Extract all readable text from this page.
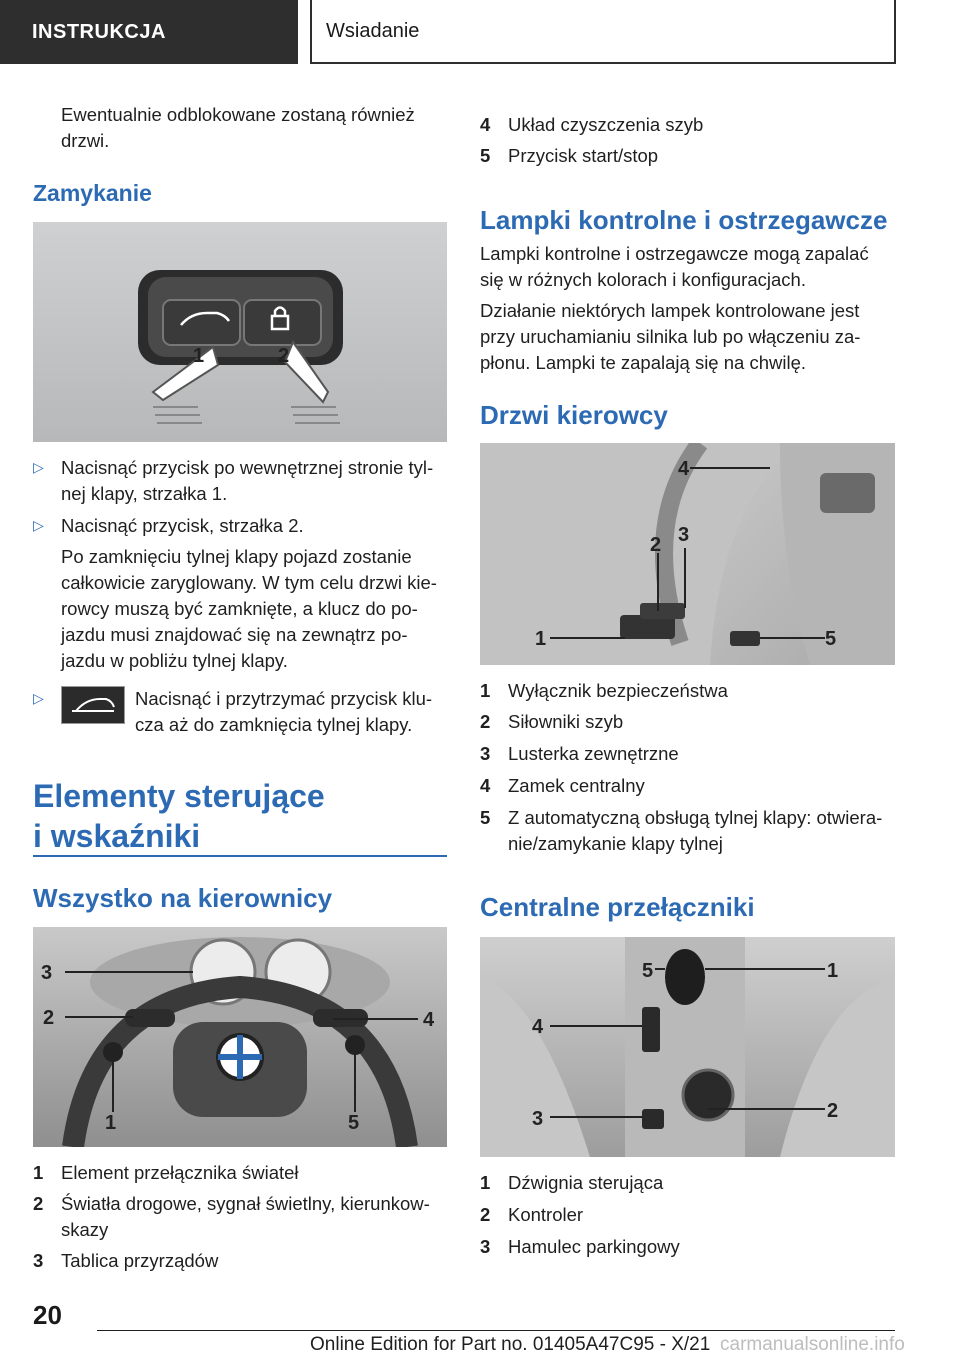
INSTRUKCJA	Wsiadanie
Ewentualnie odblokowane zostaną również drzwi.
Zamykanie
1	2
▷ Nacisnąć przycisk po wewnętrznej stronie tyl-nej klapy, strzałka 1.
▷ Nacisnąć przycisk, strzałka 2.
Po zamknięciu tylnej klapy pojazd zostanie całkowicie zaryglowany. W tym celu drzwi kie-rowcy muszą być zamknięte, a klucz do po-jazdu musi znajdować się na zewnątrz po-jazdu w pobliżu tylnej klapy.
▷	Nacisnąć i przytrzymać przycisk klu-cza aż do zamknięcia tylnej klapy.
Elementy sterujące
i wskaźniki
Wszystko na kierownicy
3
2	4
1	5
1 Element przełącznika świateł
2 Światła drogowe, sygnał świetlny, kierunkow-skazy
3 Tablica przyrządów
4 Układ czyszczenia szyb
5 Przycisk start/stop
Lampki kontrolne i ostrzegawcze
Lampki kontrolne i ostrzegawcze mogą zapalać się w różnych kolorach i konfiguracjach.
Działanie niektórych lampek kontrolowane jest przy uruchamianiu silnika lub po włączeniu za-płonu. Lampki te zapalają się na chwilę.
Drzwi kierowcy
4
2 3
1	5
1 Wyłącznik bezpieczeństwa
2 Siłowniki szyb
3 Lusterka zewnętrzne
4 Zamek centralny
5 Z automatyczną obsługą tylnej klapy: otwiera-nie/zamykanie klapy tylnej
Centralne przełączniki
5	1
4
3	2
1 Dźwignia sterująca
2 Kontroler
3 Hamulec parkingowy
20
Online Edition for Part no. 01405A47C95 - X/21 carmanualsonline.info
